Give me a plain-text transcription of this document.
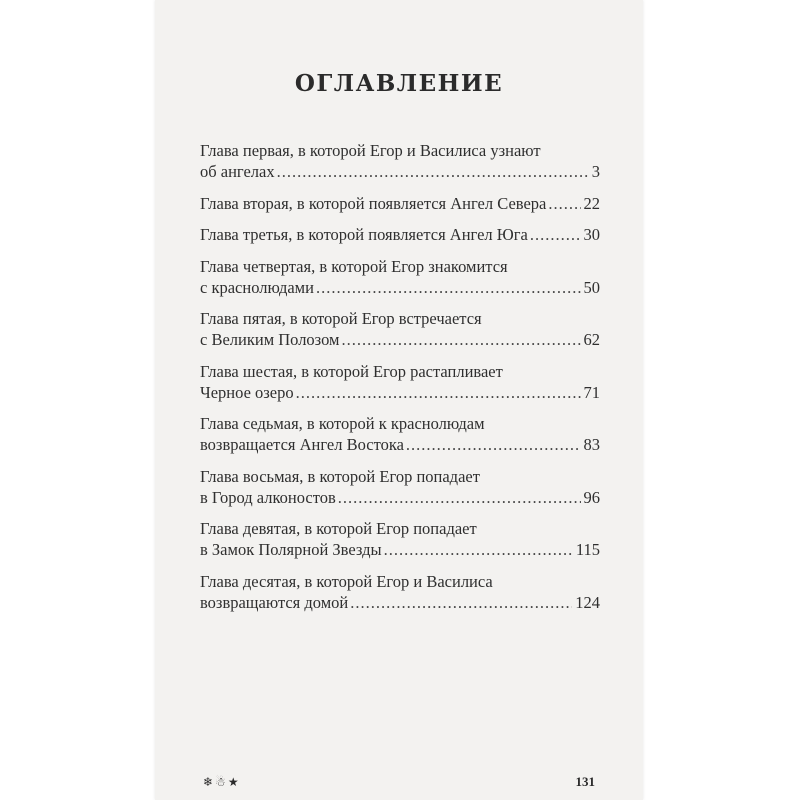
ОГЛАВЛЕНИЕ
Глава первая, в которой Егор и Василиса узнают
об ангелах .....	3
Глава вторая, в которой появляется Ангел Севера ..... 22
Глава третья, в которой появляется Ангел Юга .....	30
Глава четвертая, в которой Егор знакомится
с краснолюдами .....	50
Глава пятая, в которой Егор встречается
с Великим Полозом .....	62
Глава шестая, в которой Егор растапливает
Черное озеро .....	71
Глава седьмая, в которой к краснолюдам
возвращается Ангел Востока .....	83
Глава восьмая, в которой Егор попадает
в Город алконостов .....	96
Глава девятая, в которой Егор попадает
в Замок Полярной Звезды .....	115
Глава десятая, в которой Егор и Василиса
возвращаются домой .....	124
❄☃★	131
